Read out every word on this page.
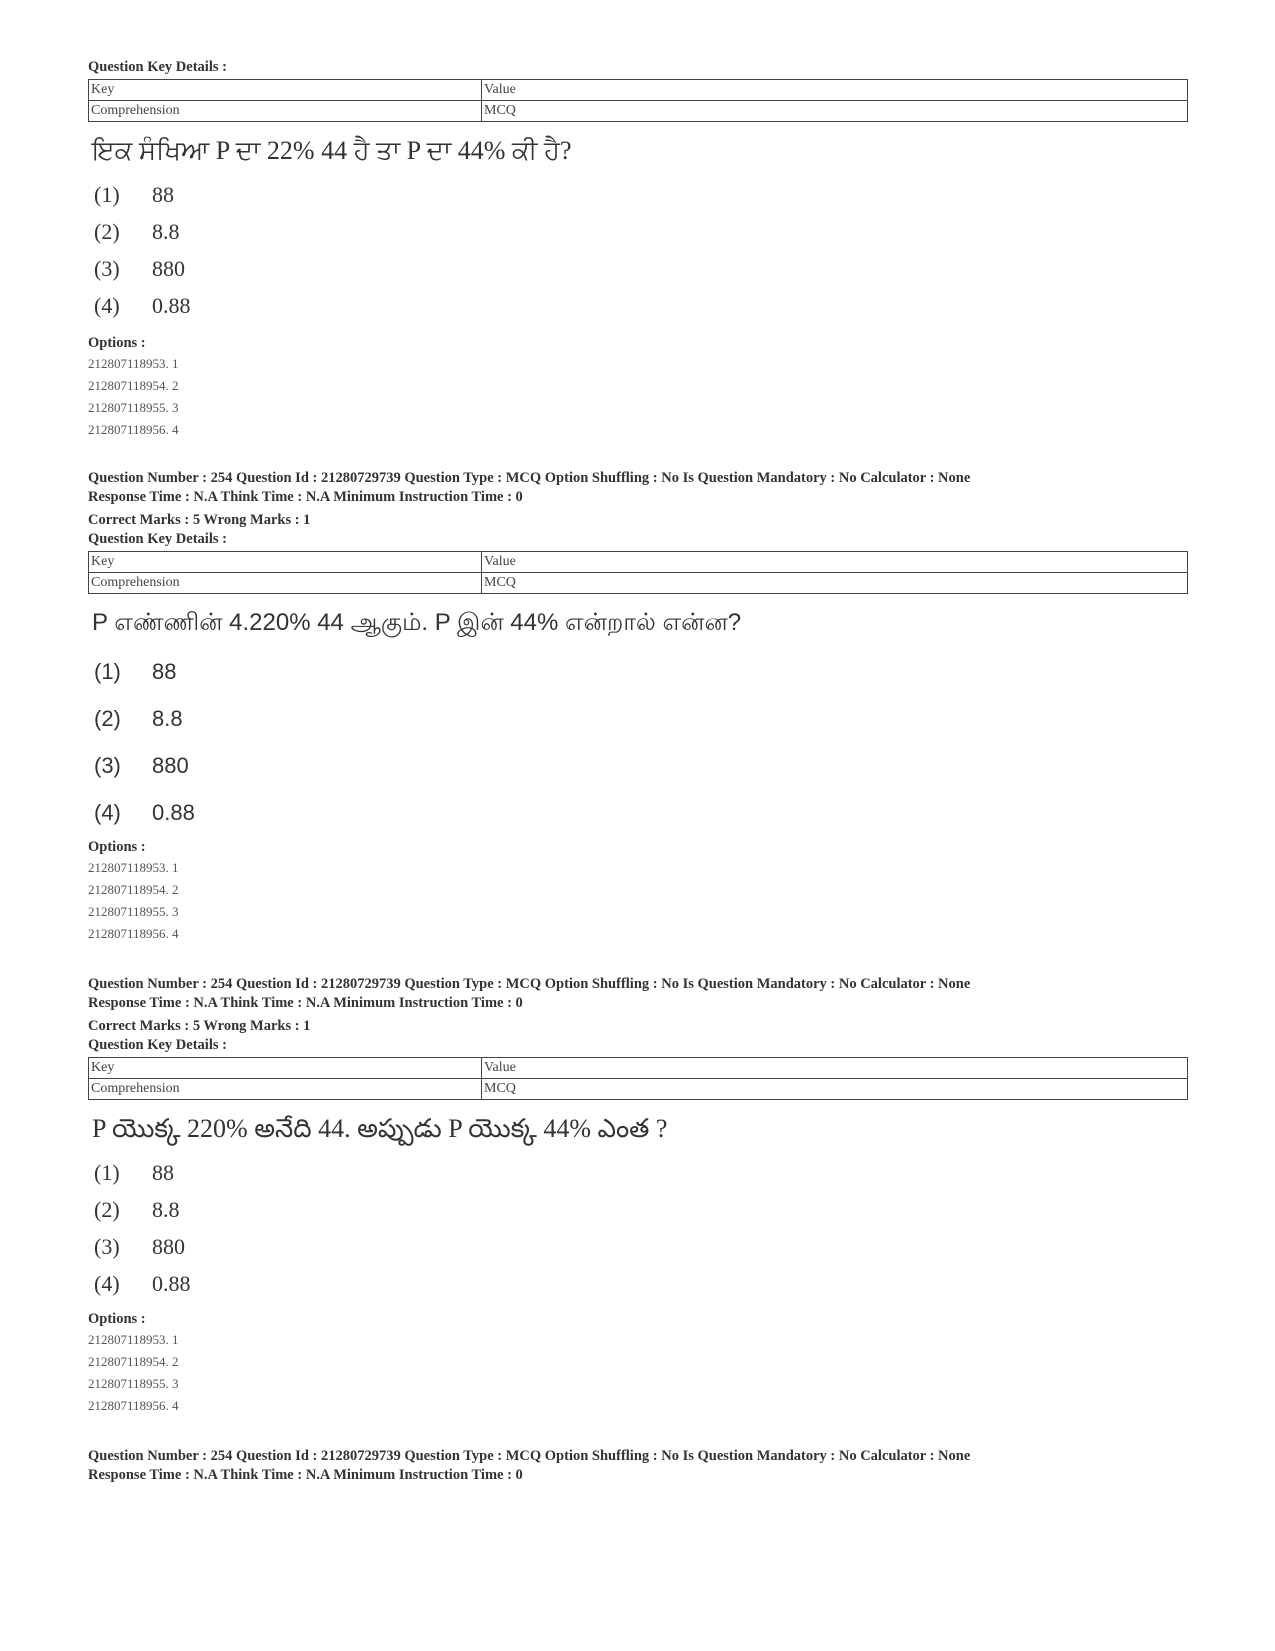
Question Key Details :
Key	Value
Comprehension	MCQ
ਇਕ ਸੰਖਿਆ P ਦਾ 22% 44 ਹੈ ਤਾ P ਦਾ 44% ਕੀ ਹੈ?
(1)	88
(2)	8.8
(3)	880
(4)	0.88
Options :
212807118953. 1
212807118954. 2
212807118955. 3
212807118956. 4
Question Number : 254 Question Id : 21280729739 Question Type : MCQ Option Shuffling : No Is Question Mandatory : No Calculator : None
Response Time : N.A Think Time : N.A Minimum Instruction Time : 0
Correct Marks : 5 Wrong Marks : 1
Question Key Details :
Key	Value
Comprehension	MCQ
P எண்ணின் 4.220% 44 ஆகும். P இன் 44% என்றால் என்ன?
(1)	88
(2)	8.8
(3)	880
(4)	0.88
Options :
212807118953. 1
212807118954. 2
212807118955. 3
212807118956. 4
Question Number : 254 Question Id : 21280729739 Question Type : MCQ Option Shuffling : No Is Question Mandatory : No Calculator : None
Response Time : N.A Think Time : N.A Minimum Instruction Time : 0
Correct Marks : 5 Wrong Marks : 1
Question Key Details :
Key	Value
Comprehension	MCQ
P యొక్క 220% అనేది 44. అప్పుడు P యొక్క 44% ఎంత ?
(1)	88
(2)	8.8
(3)	880
(4)	0.88
Options :
212807118953. 1
212807118954. 2
212807118955. 3
212807118956. 4
Question Number : 254 Question Id : 21280729739 Question Type : MCQ Option Shuffling : No Is Question Mandatory : No Calculator : None
Response Time : N.A Think Time : N.A Minimum Instruction Time : 0
